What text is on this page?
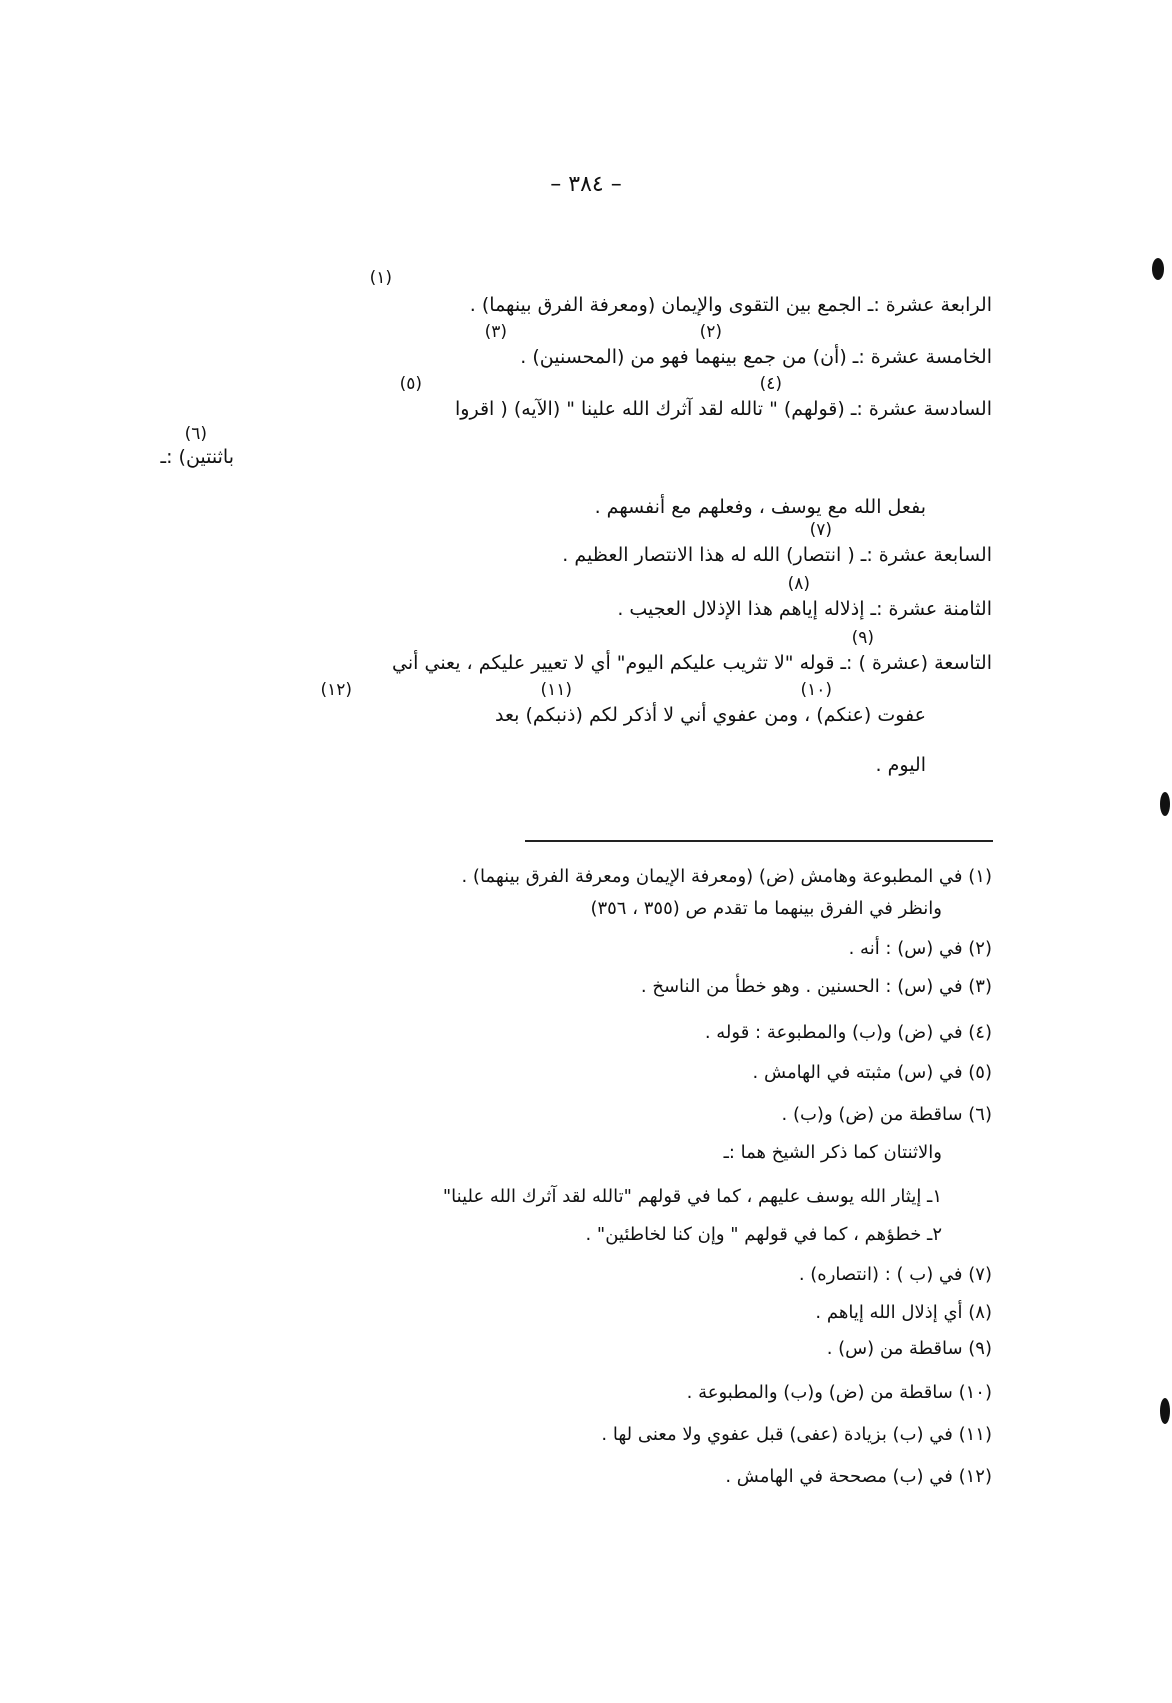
– ٣٨٤ –
(١)
الرابعة عشرة :ـ الجمع بين التقوى والإيمان (ومعرفة الفرق بينهما) .
(٢)
(٣)
الخامسة عشرة :ـ (أن) من جمع بينهما فهو من (المحسنين) .
(٤)
(٥)
السادسة عشرة :ـ (قولهم) " تالله لقد آثرك الله علينا " (الآيه) ( اقروا
(٦)
باثنتين) :ـ
بفعل الله مع يوسف ، وفعلهم مع أنفسهم .
(٧)
السابعة عشرة :ـ ( انتصار) الله له هذا الانتصار العظيم .
(٨)
الثامنة عشرة :ـ إذلاله إياهم هذا الإذلال العجيب .
(٩)
التاسعة (عشرة ) :ـ قوله "لا تثريب عليكم اليوم" أي لا تعيير عليكم ، يعني أني
(١٠)
(١١)
(١٢)
عفوت (عنكم) ، ومن عفوي أني لا أذكر لكم (ذنبكم) بعد
اليوم .
(١) في المطبوعة وهامش (ض) (ومعرفة الإيمان ومعرفة الفرق بينهما) .
وانظر في الفرق بينهما ما تقدم ص (٣٥٥ ، ٣٥٦)
(٢) في (س) : أنه .
(٣) في (س) : الحسنين . وهو خطأ من الناسخ .
(٤) في (ض) و(ب) والمطبوعة : قوله .
(٥) في (س) مثبته في الهامش .
(٦) ساقطة من (ض) و(ب) .
والاثنتان كما ذكر الشيخ هما :ـ
١ـ إيثار الله يوسف عليهم ، كما في قولهم "تالله لقد آثرك الله علينا"
٢ـ خطؤهم ، كما في قولهم " وإن كنا لخاطئين" .
(٧) في (ب ) : (انتصاره) .
(٨) أي إذلال الله إياهم .
(٩) ساقطة من (س) .
(١٠) ساقطة من (ض) و(ب) والمطبوعة .
(١١) في (ب) بزيادة (عفى) قبل عفوي ولا معنى لها .
(١٢) في (ب) مصححة في الهامش .
